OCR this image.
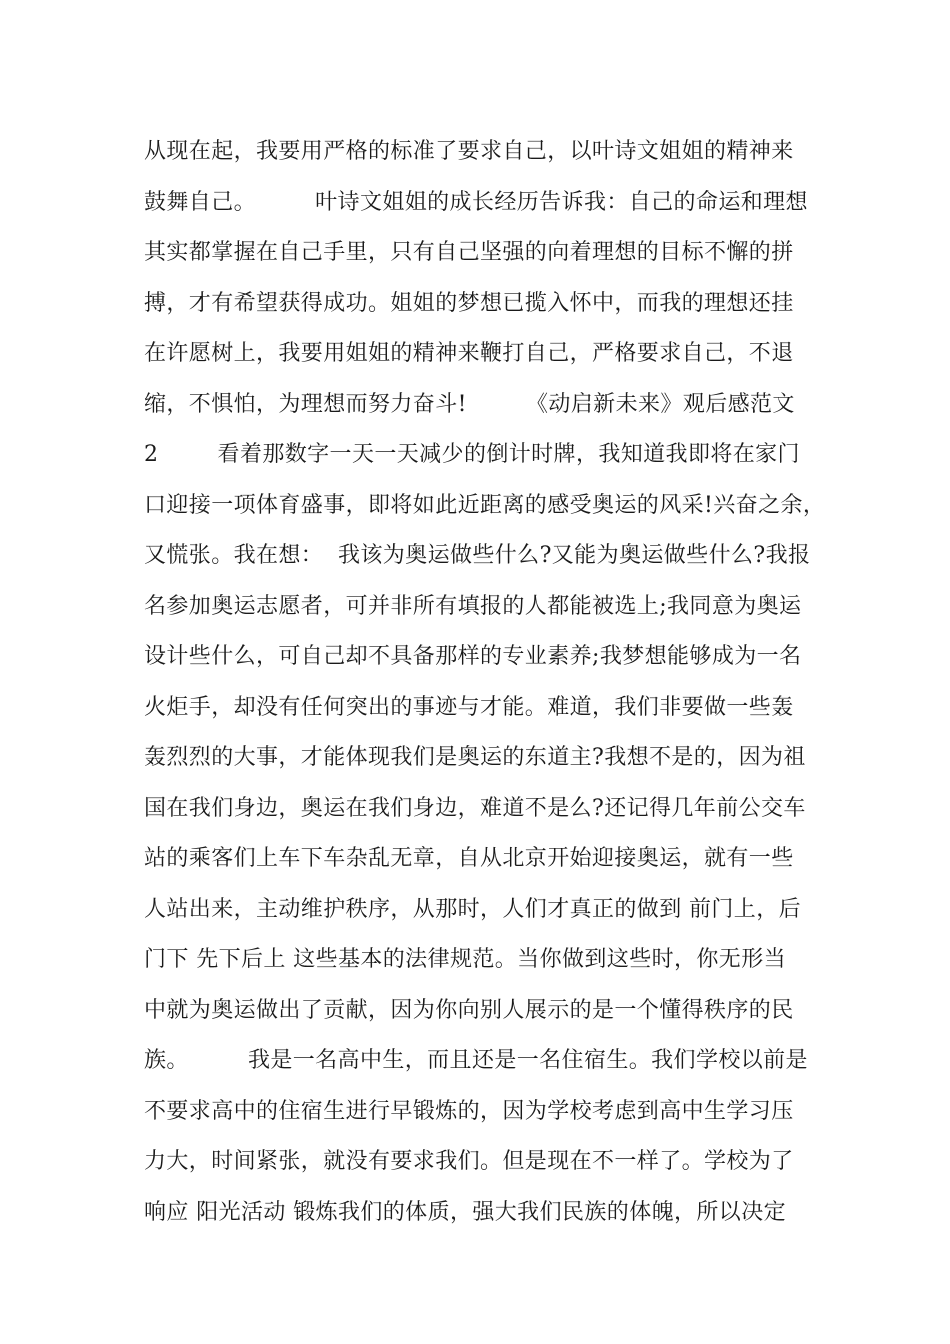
从现在起，我要用严格的标准了要求自己，以叶诗文姐姐的精神来
鼓舞自己。        叶诗文姐姐的成长经历告诉我：自己的命运和理想
其实都掌握在自己手里，只有自己坚强的向着理想的目标不懈的拼
搏，才有希望获得成功。姐姐的梦想已揽入怀中，而我的理想还挂
在许愿树上，我要用姐姐的精神来鞭打自己，严格要求自己，不退
缩，不惧怕，为理想而努力奋斗!        《动启新未来》观后感范文
2        看着那数字一天一天减少的倒计时牌，我知道我即将在家门
口迎接一项体育盛事，即将如此近距离的感受奥运的风采!兴奋之余，
又慌张。我在想：  我该为奥运做些什么?又能为奥运做些什么?我报
名参加奥运志愿者，可并非所有填报的人都能被选上;我同意为奥运
设计些什么，可自己却不具备那样的专业素养;我梦想能够成为一名
火炬手，却没有任何突出的事迹与才能。难道，我们非要做一些轰
轰烈烈的大事，才能体现我们是奥运的东道主?我想不是的，因为祖
国在我们身边，奥运在我们身边，难道不是么?还记得几年前公交车
站的乘客们上车下车杂乱无章，自从北京开始迎接奥运，就有一些
人站出来，主动维护秩序，从那时，人们才真正的做到 前门上，后
门下 先下后上 这些基本的法律规范。当你做到这些时，你无形当
中就为奥运做出了贡献，因为你向别人展示的是一个懂得秩序的民
族。        我是一名高中生，而且还是一名住宿生。我们学校以前是
不要求高中的住宿生进行早锻炼的，因为学校考虑到高中生学习压
力大，时间紧张，就没有要求我们。但是现在不一样了。学校为了
响应 阳光活动 锻炼我们的体质，强大我们民族的体魄，所以决定
